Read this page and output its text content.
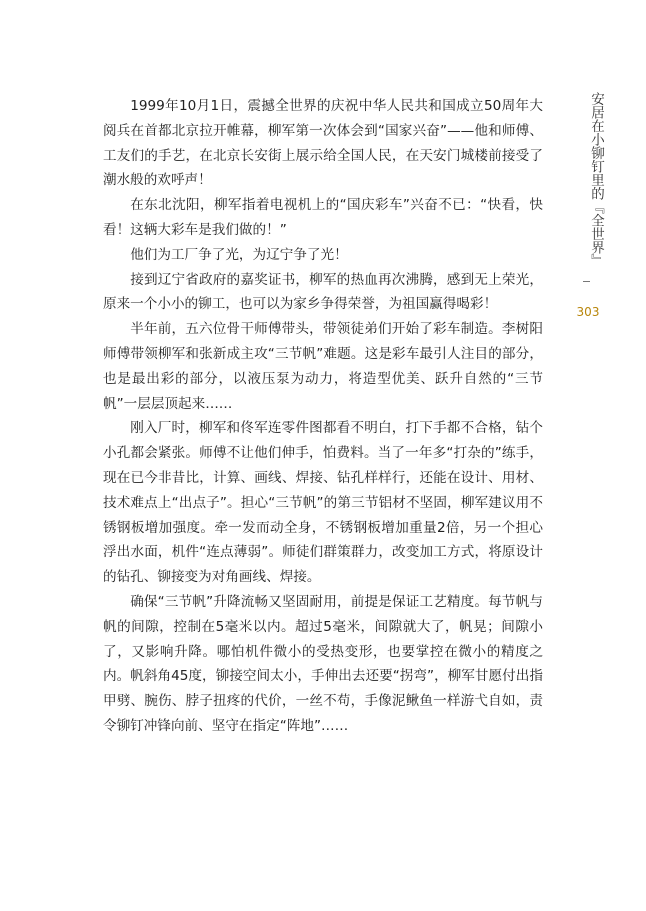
1999年10月1日，震撼全世界的庆祝中华人民共和国成立50周年大阅兵在首都北京拉开帷幕，柳军第一次体会到“国家兴奋”——他和师傅、工友们的手艺，在北京长安街上展示给全国人民，在天安门城楼前接受了潮水般的欢呼声！

在东北沈阳，柳军指着电视机上的“国庆彩车”兴奋不已：“快看，快看！这辆大彩车是我们做的！”

他们为工厂争了光，为辽宁争了光！

接到辽宁省政府的嘉奖证书，柳军的热血再次沸腾，感到无上荣光，原来一个小小的铆工，也可以为家乡争得荣誉，为祖国赢得喝彩！

半年前，五六位骨干师傅带头，带领徒弟们开始了彩车制造。李树阳师傅带领柳军和张新成主攻“三节帆”难题。这是彩车最引人注目的部分，也是最出彩的部分，以液压泵为动力，将造型优美、跃升自然的“三节帆”一层层顶起来……

刚入厂时，柳军和佟军连零件图都看不明白，打下手都不合格，钻个小孔都会紧张。师傅不让他们伸手，怕费料。当了一年多“打杂的”练手，现在已今非昔比，计算、画线、焊接、钻孔样样行，还能在设计、用材、技术难点上“出点子”。担心“三节帆”的第三节铝材不坚固，柳军建议用不锈钢板增加强度。牵一发而动全身，不锈钢板增加重量2倍，另一个担心浮出水面，机件“连点薄弱”。师徒们群策群力，改变加工方式，将原设计的钻孔、铆接变为对角画线、焊接。

确保“三节帆”升降流畅又坚固耐用，前提是保证工艺精度。每节帆与帆的间隙，控制在5毫米以内。超过5毫米，间隙就大了，帆晃；间隙小了，又影响升降。哪怕机件微小的受热变形，也要掌控在微小的精度之内。帆斜角45度，铆接空间太小，手伸出去还要“拐弯”，柳军甘愿付出指甲劈、腕伤、脖子扭疼的代价，一丝不苟，手像泥鳅鱼一样游弋自如，责令铆钉冲锋向前、坚守在指定“阵地”……

安居在小铆钉里的『全世界』
303
